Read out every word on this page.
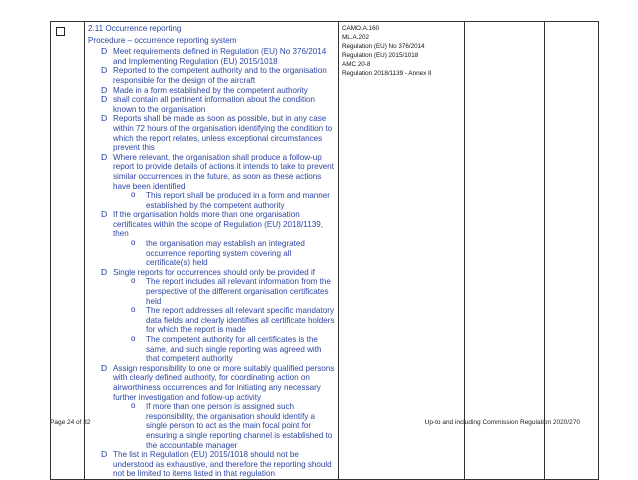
2.11 Occurrence reporting
Procedure – occurrence reporting system
D Meet requirements defined in Regulation (EU) No 376/2014 and Implementing Regulation (EU) 2015/1018
D Reported to the competent authority and to the organisation responsible for the design of the aircraft
D Made in a form established by the competent authority
D shall contain all pertinent information about the condition known to the organisation
D Reports shall be made as soon as possible, but in any case within 72 hours of the organisation identifying the condition to which the report relates, unless exceptional circumstances prevent this
D Where relevant, the organisation shall produce a follow-up report to provide details of actions it intends to take to prevent similar occurrences in the future, as soon as these actions have been identified
o This report shall be produced in a form and manner established by the competent authority
D If the organisation holds more than one organisation certificates within the scope of Regulation (EU) 2018/1139, then
o the organisation may establish an integrated occurrence reporting system covering all certificate(s) held
D Single reports for occurrences should only be provided if
o The report includes all relevant information from the perspective of the different organisation certificates held
o The report addresses all relevant specific mandatory data fields and clearly identifies all certificate holders for which the report is made
o The competent authority for all certificates is the same, and such single reporting was agreed with that competent authority
D Assign responsibility to one or more suitably qualified persons with clearly defined authority, for coordinating action on airworthiness occurrences and for initiating any necessary further investigation and follow-up activity
o If more than one person is assigned such responsibility, the organisation should identify a single person to act as the main focal point for ensuring a single reporting channel is established to the accountable manager
D The list in Regulation (EU) 2015/1018 should not be understood as exhaustive, and therefore the reporting should not be limited to items listed in that regulation

CAMO.A.160
ML.A.202
Regulation (EU) No 376/2014
Regulation (EU) 2015/1018
AMC 20-8
Regulation 2018/1139 - Annex II

Page 24 of 32	Up-to and including Commission Regulation 2020/270
